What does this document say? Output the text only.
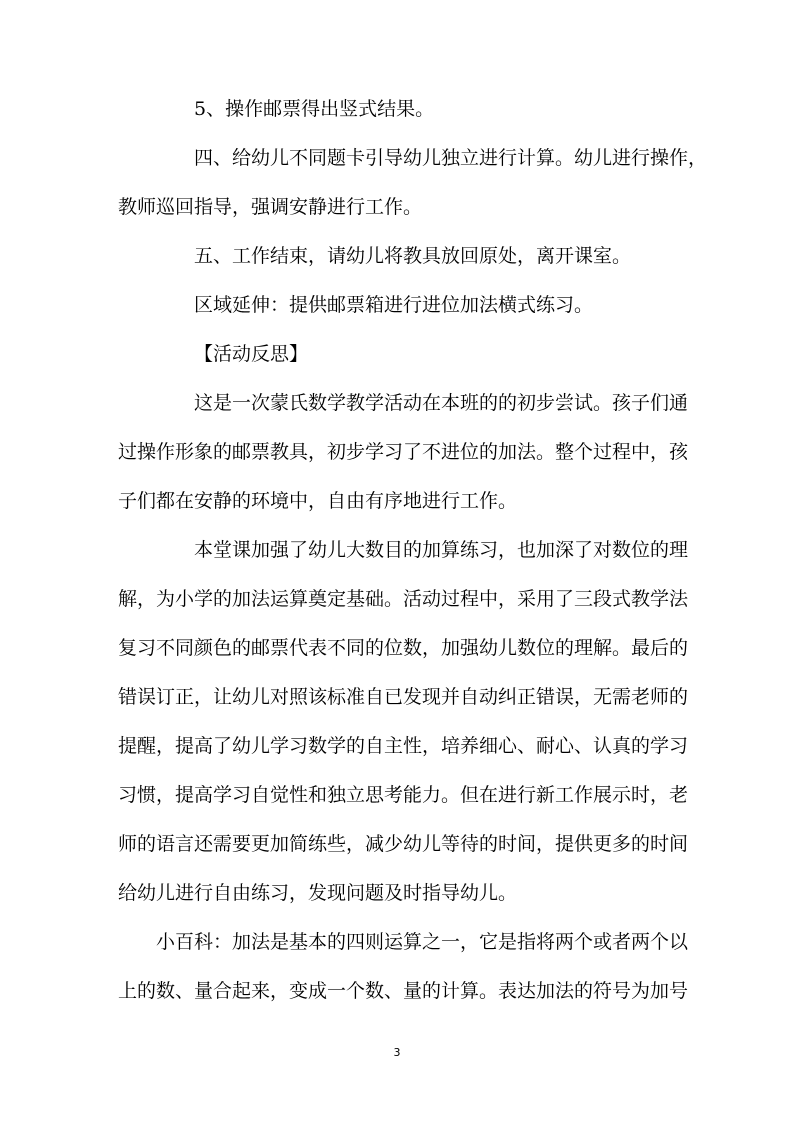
5、操作邮票得出竖式结果。
四、给幼儿不同题卡引导幼儿独立进行计算。幼儿进行操作，
教师巡回指导，强调安静进行工作。
五、工作结束，请幼儿将教具放回原处，离开课室。
区域延伸：提供邮票箱进行进位加法横式练习。
【活动反思】
这是一次蒙氏数学教学活动在本班的的初步尝试。孩子们通
过操作形象的邮票教具，初步学习了不进位的加法。整个过程中，孩
子们都在安静的环境中，自由有序地进行工作。
本堂课加强了幼儿大数目的加算练习，也加深了对数位的理
解，为小学的加法运算奠定基础。活动过程中，采用了三段式教学法
复习不同颜色的邮票代表不同的位数，加强幼儿数位的理解。最后的
错误订正，让幼儿对照该标准自已发现并自动纠正错误，无需老师的
提醒，提高了幼儿学习数学的自主性，培养细心、耐心、认真的学习
习惯，提高学习自觉性和独立思考能力。但在进行新工作展示时，老
师的语言还需要更加简练些，减少幼儿等待的时间，提供更多的时间
给幼儿进行自由练习，发现问题及时指导幼儿。
小百科：加法是基本的四则运算之一，它是指将两个或者两个以
上的数、量合起来，变成一个数、量的计算。表达加法的符号为加号
3
